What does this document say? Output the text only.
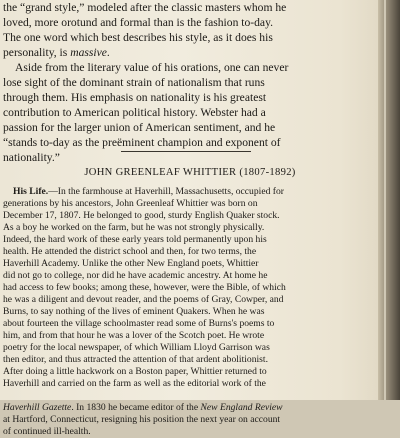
the “grand style,” modeled after the classic masters whom he
loved, more orotund and formal than is the fashion to-day.
The one word which best describes his style, as it does his
personality, is massive.
Aside from the literary value of his orations, one can never
lose sight of the dominant strain of nationalism that runs
through them. His emphasis on nationality is his greatest
contribution to American political history. Webster had a
passion for the larger union of American sentiment, and he
“stands to-day as the preëminent champion and exponent of
nationality.”
JOHN GREENLEAF WHITTIER (1807-1892)
His Life.—In the farmhouse at Haverhill, Massachusetts, occupied for
generations by his ancestors, John Greenleaf Whittier was born on
December 17, 1807. He belonged to good, sturdy English Quaker stock.
As a boy he worked on the farm, but he was not strongly physically.
Indeed, the hard work of these early years told permanently upon his
health. He attended the district school and then, for two terms, the
Haverhill Academy. Unlike the other New England poets, Whittier
did not go to college, nor did he have academic ancestry. At home he
had access to few books; among these, however, were the Bible, of which
he was a diligent and devout reader, and the poems of Gray, Cowper, and
Burns, to say nothing of the lives of eminent Quakers. When he was
about fourteen the village schoolmaster read some of Burns's poems to
him, and from that hour he was a lover of the Scotch poet. He wrote
poetry for the local newspaper, of which William Lloyd Garrison was
then editor, and thus attracted the attention of that ardent abolitionist.
After doing a little hackwork on a Boston paper, Whittier returned to
Haverhill and carried on the farm as well as the editorial work of the
Haverhill Gazette. In 1830 he became editor of the New England Review
at Hartford, Connecticut, resigning his position the next year on account
of continued ill-health.
